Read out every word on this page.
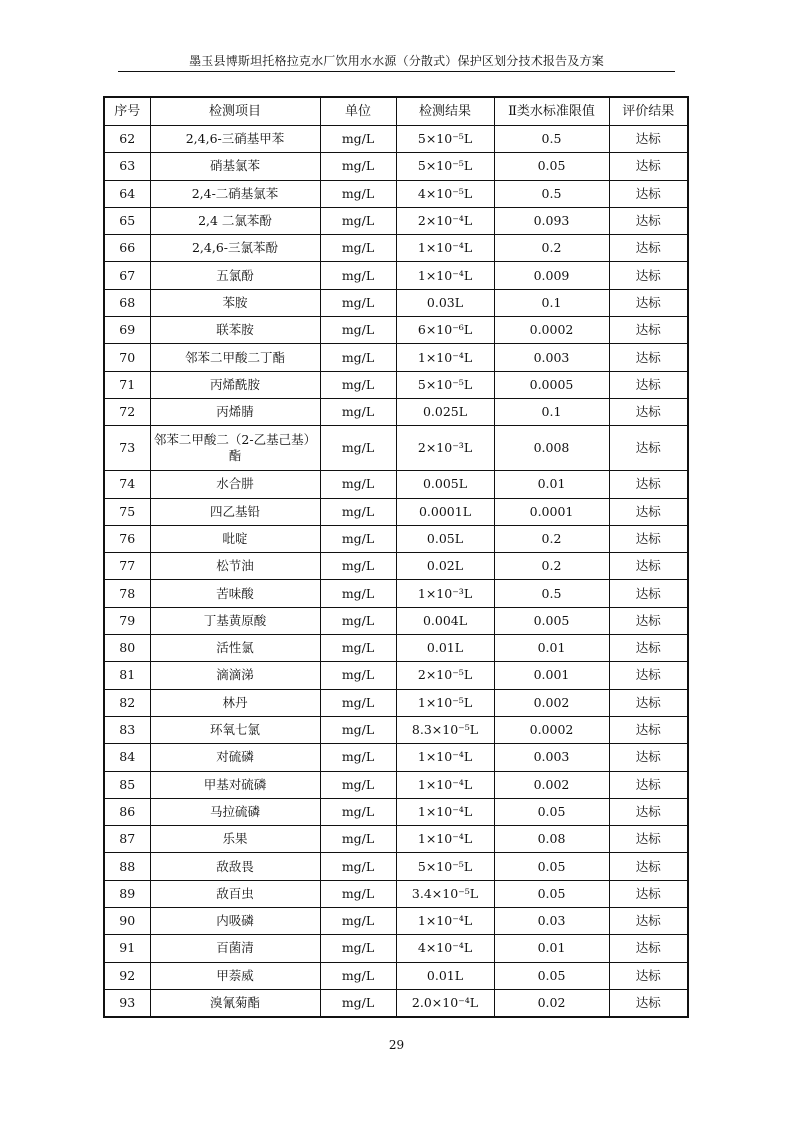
墨玉县博斯坦托格拉克水厂饮用水水源（分散式）保护区划分技术报告及方案
序号	检测项目	单位	检测结果	Ⅱ类水标准限值	评价结果
62	2,4,6-三硝基甲苯	mg/L	5×10⁻⁵L	0.5	达标
63	硝基氯苯	mg/L	5×10⁻⁵L	0.05	达标
64	2,4-二硝基氯苯	mg/L	4×10⁻⁵L	0.5	达标
65	2,4 二氯苯酚	mg/L	2×10⁻⁴L	0.093	达标
66	2,4,6-三氯苯酚	mg/L	1×10⁻⁴L	0.2	达标
67	五氯酚	mg/L	1×10⁻⁴L	0.009	达标
68	苯胺	mg/L	0.03L	0.1	达标
69	联苯胺	mg/L	6×10⁻⁶L	0.0002	达标
70	邻苯二甲酸二丁酯	mg/L	1×10⁻⁴L	0.003	达标
71	丙烯酰胺	mg/L	5×10⁻⁵L	0.0005	达标
72	丙烯腈	mg/L	0.025L	0.1	达标
73	邻苯二甲酸二（2-乙基己基）酯	mg/L	2×10⁻³L	0.008	达标
74	水合肼	mg/L	0.005L	0.01	达标
75	四乙基铅	mg/L	0.0001L	0.0001	达标
76	吡啶	mg/L	0.05L	0.2	达标
77	松节油	mg/L	0.02L	0.2	达标
78	苦味酸	mg/L	1×10⁻³L	0.5	达标
79	丁基黄原酸	mg/L	0.004L	0.005	达标
80	活性氯	mg/L	0.01L	0.01	达标
81	滴滴涕	mg/L	2×10⁻⁵L	0.001	达标
82	林丹	mg/L	1×10⁻⁵L	0.002	达标
83	环氧七氯	mg/L	8.3×10⁻⁵L	0.0002	达标
84	对硫磷	mg/L	1×10⁻⁴L	0.003	达标
85	甲基对硫磷	mg/L	1×10⁻⁴L	0.002	达标
86	马拉硫磷	mg/L	1×10⁻⁴L	0.05	达标
87	乐果	mg/L	1×10⁻⁴L	0.08	达标
88	敌敌畏	mg/L	5×10⁻⁵L	0.05	达标
89	敌百虫	mg/L	3.4×10⁻⁵L	0.05	达标
90	内吸磷	mg/L	1×10⁻⁴L	0.03	达标
91	百菌清	mg/L	4×10⁻⁴L	0.01	达标
92	甲萘威	mg/L	0.01L	0.05	达标
93	溴氰菊酯	mg/L	2.0×10⁻⁴L	0.02	达标
29
